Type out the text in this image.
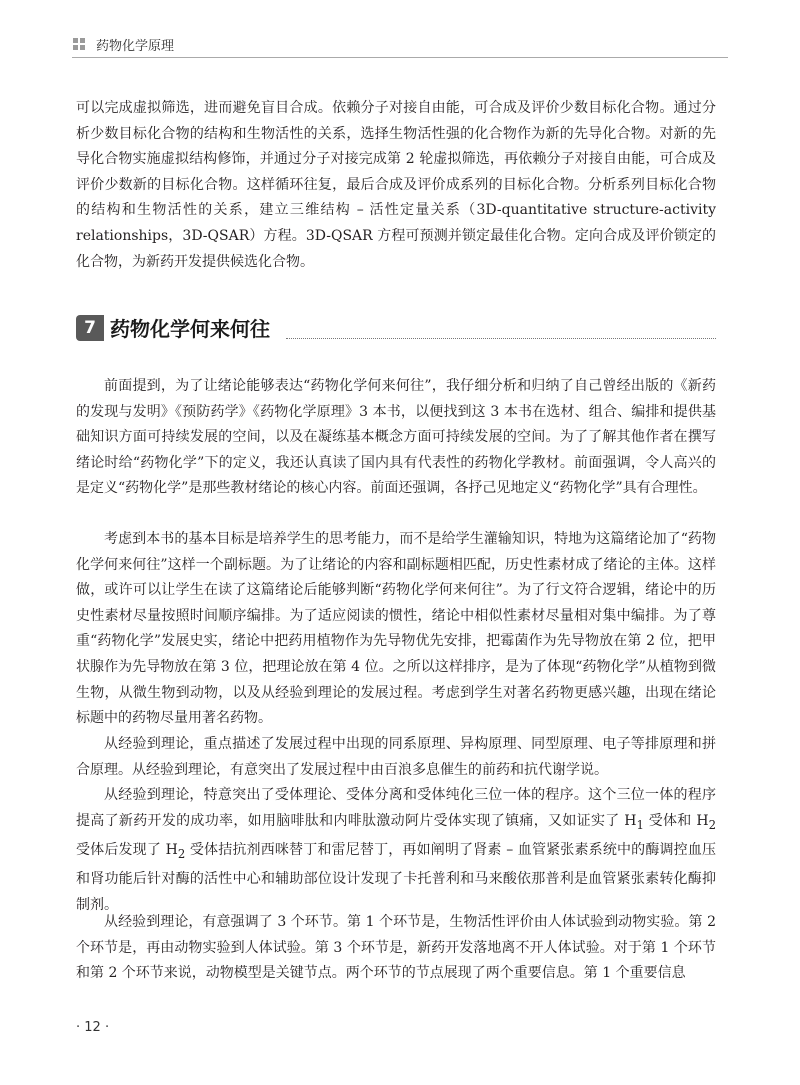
药物化学原理

可以完成虚拟筛选，进而避免盲目合成。依赖分子对接自由能，可合成及评价少数目标化合物。通过分析少数目标化合物的结构和生物活性的关系，选择生物活性强的化合物作为新的先导化合物。对新的先导化合物实施虚拟结构修饰，并通过分子对接完成第 2 轮虚拟筛选，再依赖分子对接自由能，可合成及评价少数新的目标化合物。这样循环往复，最后合成及评价成系列的目标化合物。分析系列目标化合物的结构和生物活性的关系，建立三维结构 – 活性定量关系（3D-quantitative structure-activity relationships，3D-QSAR）方程。3D-QSAR 方程可预测并锁定最佳化合物。定向合成及评价锁定的化合物，为新药开发提供候选化合物。

7 药物化学何来何往

前面提到，为了让绪论能够表达“药物化学何来何往”，我仔细分析和归纳了自己曾经出版的《新药的发现与发明》《预防药学》《药物化学原理》3 本书，以便找到这 3 本书在选材、组合、编排和提供基础知识方面可持续发展的空间，以及在凝练基本概念方面可持续发展的空间。为了了解其他作者在撰写绪论时给“药物化学”下的定义，我还认真读了国内具有代表性的药物化学教材。前面强调，令人高兴的是定义“药物化学”是那些教材绪论的核心内容。前面还强调，各抒己见地定义“药物化学”具有合理性。

考虑到本书的基本目标是培养学生的思考能力，而不是给学生灌输知识，特地为这篇绪论加了“药物化学何来何往”这样一个副标题。为了让绪论的内容和副标题相匹配，历史性素材成了绪论的主体。这样做，或许可以让学生在读了这篇绪论后能够判断“药物化学何来何往”。为了行文符合逻辑，绪论中的历史性素材尽量按照时间顺序编排。为了适应阅读的惯性，绪论中相似性素材尽量相对集中编排。为了尊重“药物化学”发展史实，绪论中把药用植物作为先导物优先安排，把霉菌作为先导物放在第 2 位，把甲状腺作为先导物放在第 3 位，把理论放在第 4 位。之所以这样排序，是为了体现“药物化学”从植物到微生物，从微生物到动物，以及从经验到理论的发展过程。考虑到学生对著名药物更感兴趣，出现在绪论标题中的药物尽量用著名药物。

从经验到理论，重点描述了发展过程中出现的同系原理、异构原理、同型原理、电子等排原理和拼合原理。从经验到理论，有意突出了发展过程中由百浪多息催生的前药和抗代谢学说。

从经验到理论，特意突出了受体理论、受体分离和受体纯化三位一体的程序。这个三位一体的程序提高了新药开发的成功率，如用脑啡肽和内啡肽激动阿片受体实现了镇痛，又如证实了 $H_1$ 受体和 $H_2$ 受体后发现了 $H_2$ 受体拮抗剂西咪替丁和雷尼替丁，再如阐明了肾素 – 血管紧张素系统中的酶调控血压和肾功能后针对酶的活性中心和辅助部位设计发现了卡托普利和马来酸依那普利是血管紧张素转化酶抑制剂。

从经验到理论，有意强调了 3 个环节。第 1 个环节是，生物活性评价由人体试验到动物实验。第 2 个环节是，再由动物实验到人体试验。第 3 个环节是，新药开发落地离不开人体试验。对于第 1 个环节和第 2 个环节来说，动物模型是关键节点。两个环节的节点展现了两个重要信息。第 1 个重要信息

· 12 ·
